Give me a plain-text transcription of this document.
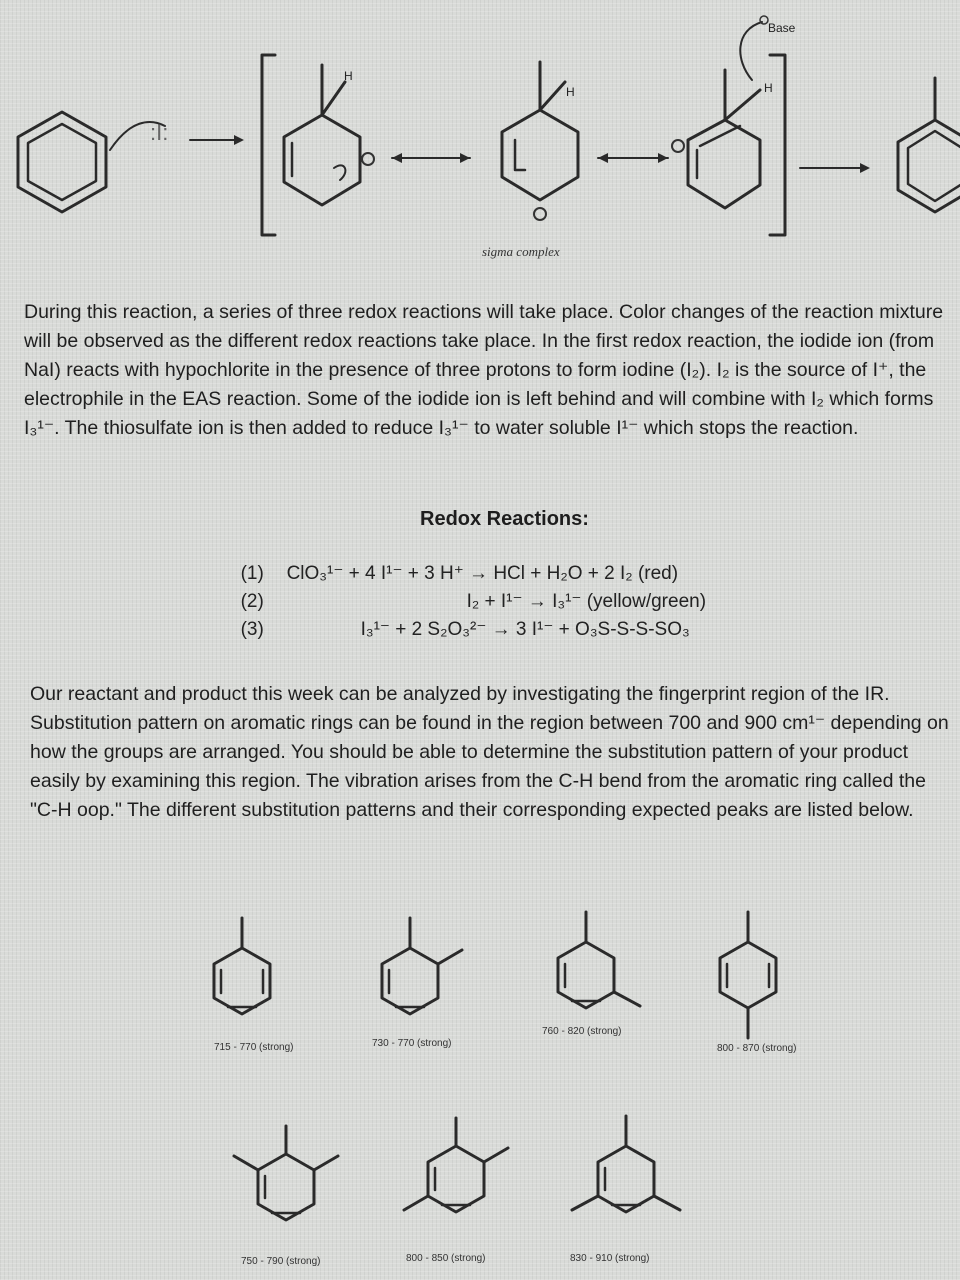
:I:
H
H	H
Base
sigma complex

During this reaction, a series of three redox reactions will take place. Color changes of the reaction mixture will be observed as the different redox reactions take place. In the first redox reaction, the iodide ion (from NaI) reacts with hypochlorite in the presence of three protons to form iodine (I₂). I₂ is the source of I⁺, the electrophile in the EAS reaction. Some of the iodide ion is left behind and will combine with I₂ which forms I₃¹⁻. The thiosulfate ion is then added to reduce I₃¹⁻ to water soluble I¹⁻ which stops the reaction.

Redox Reactions:

(1) ClO₃¹⁻ + 4 I¹⁻ + 3 H⁺ → HCl + H₂O + 2 I₂ (red)

(2)	I₂ + I¹⁻ → I₃¹⁻ (yellow/green)

(3)	I₃¹⁻ + 2 S₂O₃²⁻ → 3 I¹⁻ + O₃S-S-S-SO₃

Our reactant and product this week can be analyzed by investigating the fingerprint region of the IR. Substitution pattern on aromatic rings can be found in the region between 700 and 900 cm¹⁻ depending on how the groups are arranged. You should be able to determine the substitution pattern of your product easily by examining this region. The vibration arises from the C-H bend from the aromatic ring called the "C-H oop." The different substitution patterns and their corresponding expected peaks are listed below.

715 - 770 (strong)	730 - 770 (strong)
760 - 820 (strong)
800 - 870 (strong)
750 - 790 (strong)	800 - 850 (strong)	830 - 910 (strong)
